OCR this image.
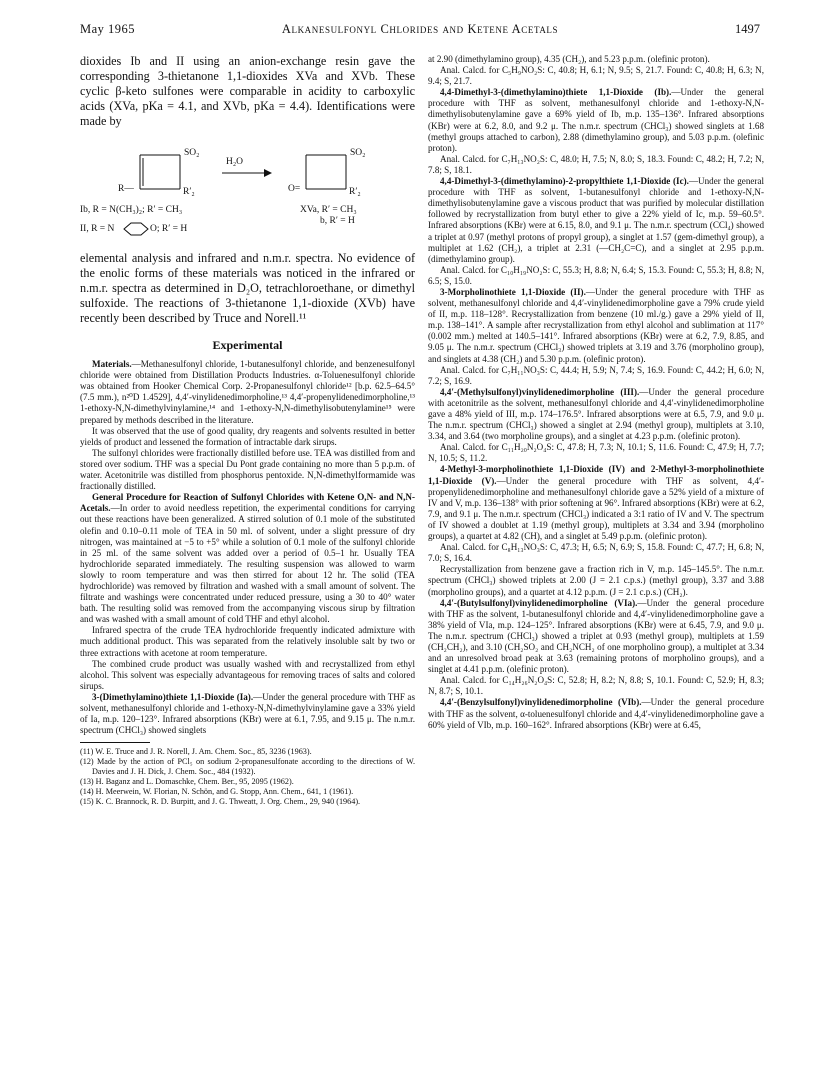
May 1965	Alkanesulfonyl Chlorides and Ketene Acetals	1497

dioxides Ib and II using an anion-exchange resin gave the corresponding 3-thietanone 1,1-dioxides XVa and XVb. These cyclic β-keto sulfones were comparable in acidity to carboxylic acids (XVa, pKa = 4.1, and XVb, pKa = 4.4). Identifications were made by

SO₂
H₂O
SO₂
R—	R′₂	O=	R′₂
Ib, R = N(CH₃)₂; R′ = CH₃
II, R = N	O; R′ = H
XVa, R′ = CH₃
b, R′ = H

elemental analysis and infrared and n.m.r. spectra. No evidence of the enolic forms of these materials was noticed in the infrared or n.m.r. spectra as determined in D₂O, tetrachloroethane, or dimethyl sulfoxide. The reactions of 3-thietanone 1,1-dioxide (XVb) have recently been described by Truce and Norell.¹¹

Experimental

Materials.—Methanesulfonyl chloride, 1-butanesulfonyl chloride, and benzenesulfonyl chloride were obtained from Distillation Products Industries. α-Toluenesulfonyl chloride was obtained from Hooker Chemical Corp. 2-Propanesulfonyl chloride¹² [b.p. 62.5–64.5° (7.5 mm.), n²⁰D 1.4529], 4,4′-vinylidenedimorpholine,¹³ 4,4′-propenylidenedimorpholine,¹³ 1-ethoxy-N,N-dimethylvinylamine,¹⁴ and 1-ethoxy-N,N-dimethylisobutenylamine¹⁵ were prepared by methods described in the literature.

It was observed that the use of good quality, dry reagents and solvents resulted in better yields of product and lessened the formation of intractable dark sirups.

The sulfonyl chlorides were fractionally distilled before use. TEA was distilled from and stored over sodium. THF was a special Du Pont grade containing no more than 5 p.p.m. of water. Acetonitrile was distilled from phosphorus pentoxide. N,N-dimethylformamide was fractionally distilled.

General Procedure for Reaction of Sulfonyl Chlorides with Ketene O,N- and N,N-Acetals.—In order to avoid needless repetition, the experimental conditions for carrying out these reactions have been generalized. A stirred solution of 0.1 mole of the substituted olefin and 0.10–0.11 mole of TEA in 50 ml. of solvent, under a slight pressure of dry nitrogen, was maintained at −5 to +5° while a solution of 0.1 mole of the sulfonyl chloride in 25 ml. of the same solvent was added over a period of 0.5–1 hr. Usually TEA hydrochloride separated immediately. The resulting suspension was allowed to warm slowly to room temperature and was then stirred for about 12 hr. The solid (TEA hydrochloride) was removed by filtration and washed with a small amount of solvent. The filtrate and washings were concentrated under reduced pressure, using a 30 to 40° water bath. The resulting solid was removed from the accompanying viscous sirup by filtration and was washed with a small amount of cold THF and ethyl alcohol.

Infrared spectra of the crude TEA hydrochloride frequently indicated admixture with much additional product. This was separated from the relatively insoluble salt by two or three extractions with acetone at room temperature.

The combined crude product was usually washed with and recrystallized from ethyl alcohol. This solvent was especially advantageous for removing traces of salts and colored sirups.

3-(Dimethylamino)thiete 1,1-Dioxide (Ia).—Under the general procedure with THF as solvent, methanesulfonyl chloride and 1-ethoxy-N,N-dimethylvinylamine gave a 33% yield of Ia, m.p. 120–123°. Infrared absorptions (KBr) were at 6.1, 7.95, and 9.15 μ. The n.m.r. spectrum (CHCl₃) showed singlets

(11) W. E. Truce and J. R. Norell, J. Am. Chem. Soc., 85, 3236 (1963).

(12) Made by the action of PCl₅ on sodium 2-propanesulfonate according to the directions of W. Davies and J. H. Dick, J. Chem. Soc., 484 (1932).

(13) H. Baganz and L. Domaschke, Chem. Ber., 95, 2095 (1962).

(14) H. Meerwein, W. Florian, N. Schön, and G. Stopp, Ann. Chem., 641, 1 (1961).

(15) K. C. Brannock, R. D. Burpitt, and J. G. Thweatt, J. Org. Chem., 29, 940 (1964).

at 2.90 (dimethylamino group), 4.35 (CH₂), and 5.23 p.p.m. (olefinic proton).

Anal. Calcd. for C₅H₉NO₂S: C, 40.8; H, 6.1; N, 9.5; S, 21.7. Found: C, 40.8; H, 6.3; N, 9.4; S, 21.7.

4,4-Dimethyl-3-(dimethylamino)thiete 1,1-Dioxide (Ib).—Under the general procedure with THF as solvent, methanesulfonyl chloride and 1-ethoxy-N,N-dimethylisobutenylamine gave a 69% yield of Ib, m.p. 135–136°. Infrared absorptions (KBr) were at 6.2, 8.0, and 9.2 μ. The n.m.r. spectrum (CHCl₃) showed singlets at 1.68 (methyl groups attached to carbon), 2.88 (dimethylamino group), and 5.03 p.p.m. (olefinic proton).

Anal. Calcd. for C₇H₁₃NO₂S: C, 48.0; H, 7.5; N, 8.0; S, 18.3. Found: C, 48.2; H, 7.2; N, 7.8; S, 18.1.

4,4-Dimethyl-3-(dimethylamino)-2-propylthiete 1,1-Dioxide (Ic).—Under the general procedure with THF as solvent, 1-butanesulfonyl chloride and 1-ethoxy-N,N-dimethylisobutenylamine gave a viscous product that was purified by molecular distillation followed by recrystallization from butyl ether to give a 22% yield of Ic, m.p. 59–60.5°. Infrared absorptions (KBr) were at 6.15, 8.0, and 9.1 μ. The n.m.r. spectrum (CCl₄) showed a triplet at 0.97 (methyl protons of propyl group), a singlet at 1.57 (gem-dimethyl group), a multiplet at 1.62 (CH₂), a triplet at 2.31 (—CH₂C=C), and a singlet at 2.95 p.p.m. (dimethylamino group).

Anal. Calcd. for C₁₀H₁₉NO₂S: C, 55.3; H, 8.8; N, 6.4; S, 15.3. Found: C, 55.3; H, 8.8; N, 6.5; S, 15.0.

3-Morpholinothiete 1,1-Dioxide (II).—Under the general procedure with THF as solvent, methanesulfonyl chloride and 4,4′-vinylidenedimorpholine gave a 79% crude yield of II, m.p. 118–128°. Recrystallization from benzene (10 ml./g.) gave a 29% yield of II, m.p. 138–141°. A sample after recrystallization from ethyl alcohol and sublimation at 117° (0.002 mm.) melted at 140.5–141°. Infrared absorptions (KBr) were at 6.2, 7.9, 8.85, and 9.05 μ. The n.m.r. spectrum (CHCl₃) showed triplets at 3.19 and 3.76 (morpholino group), and singlets at 4.38 (CH₂) and 5.30 p.p.m. (olefinic proton).

Anal. Calcd. for C₇H₁₁NO₃S: C, 44.4; H, 5.9; N, 7.4; S, 16.9. Found: C, 44.2; H, 6.0; N, 7.2; S, 16.9.

4,4′-(Methylsulfonyl)vinylidenedimorpholine (III).—Under the general procedure with acetonitrile as the solvent, methanesulfonyl chloride and 4,4′-vinylidenedimorpholine gave a 48% yield of III, m.p. 174–176.5°. Infrared absorptions were at 6.5, 7.9, and 9.0 μ. The n.m.r. spectrum (CHCl₃) showed a singlet at 2.94 (methyl group), multiplets at 3.10, 3.34, and 3.64 (two morpholine groups), and a singlet at 4.23 p.p.m. (olefinic proton).

Anal. Calcd. for C₁₁H₂₀N₂O₄S: C, 47.8; H, 7.3; N, 10.1; S, 11.6. Found: C, 47.9; H, 7.7; N, 10.5; S, 11.2.

4-Methyl-3-morpholinothiete 1,1-Dioxide (IV) and 2-Methyl-3-morpholinothiete 1,1-Dioxide (V).—Under the general procedure with THF as solvent, 4,4′-propenylidenedimorpholine and methanesulfonyl chloride gave a 52% yield of a mixture of IV and V, m.p. 136–138° with prior softening at 96°. Infrared absorptions (KBr) were at 6.2, 7.9, and 9.1 μ. The n.m.r. spectrum (CHCl₃) indicated a 3:1 ratio of IV and V. The spectrum of IV showed a doublet at 1.19 (methyl group), multiplets at 3.34 and 3.94 (morpholino groups), a quartet at 4.82 (CH), and a singlet at 5.49 p.p.m. (olefinic proton).

Anal. Calcd. for C₈H₁₃NO₃S: C, 47.3; H, 6.5; N, 6.9; S, 15.8. Found: C, 47.7; H, 6.8; N, 7.0; S, 16.4.

Recrystallization from benzene gave a fraction rich in V, m.p. 145–145.5°. The n.m.r. spectrum (CHCl₃) showed triplets at 2.00 (J = 2.1 c.p.s.) (methyl group), 3.37 and 3.88 (morpholino groups), and a quartet at 4.12 p.p.m. (J = 2.1 c.p.s.) (CH₂).

4,4′-(Butylsulfonyl)vinylidenedimorpholine (VIa).—Under the general procedure with THF as the solvent, 1-butanesulfonyl chloride and 4,4′-vinylidenedimorpholine gave a 38% yield of VIa, m.p. 124–125°. Infrared absorptions (KBr) were at 6.45, 7.9, and 9.0 μ. The n.m.r. spectrum (CHCl₃) showed a triplet at 0.93 (methyl group), multiplets at 1.59 (CH₂CH₂), and 3.10 (CH₂SO₂ and CH₂NCH₂ of one morpholino group), a multiplet at 3.34 and an unresolved broad peak at 3.63 (remaining protons of morpholino groups), and a singlet at 4.41 p.p.m. (olefinic proton).

Anal. Calcd. for C₁₄H₂₆N₂O₄S: C, 52.8; H, 8.2; N, 8.8; S, 10.1. Found: C, 52.9; H, 8.3; N, 8.7; S, 10.1.

4,4′-(Benzylsulfonyl)vinylidenedimorpholine (VIb).—Under the general procedure with THF as the solvent, α-toluenesulfonyl chloride and 4,4′-vinylidenedimorpholine gave a 60% yield of VIb, m.p. 160–162°. Infrared absorptions (KBr) were at 6.45,
